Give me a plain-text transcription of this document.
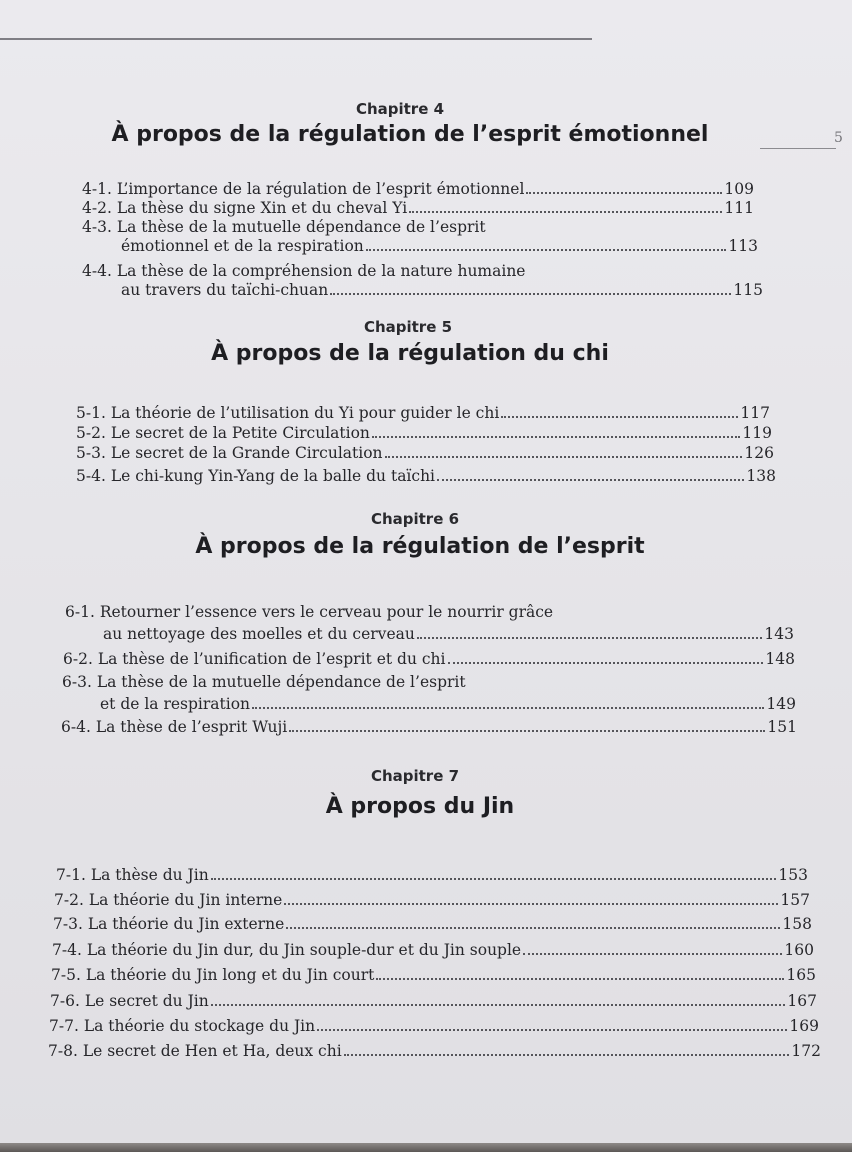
5
Chapitre 4
À propos de la régulation de l’esprit émotionnel
4-1. L’importance de la régulation de l’esprit émotionnel	109
4-2. La thèse du signe Xin et du cheval Yi	111
4-3. La thèse de la mutuelle dépendance de l’esprit
émotionnel et de la respiration	113
4-4. La thèse de la compréhension de la nature humaine
au travers du taïchi-chuan	115
Chapitre 5
À propos de la régulation du chi
5-1. La théorie de l’utilisation du Yi pour guider le chi	117
5-2. Le secret de la Petite Circulation	119
5-3. Le secret de la Grande Circulation	126
5-4. Le chi-kung Yin-Yang de la balle du taïchi	138
Chapitre 6
À propos de la régulation de l’esprit
6-1. Retourner l’essence vers le cerveau pour le nourrir grâce
au nettoyage des moelles et du cerveau	143
6-2. La thèse de l’unification de l’esprit et du chi	148
6-3. La thèse de la mutuelle dépendance de l’esprit
et de la respiration	149
6-4. La thèse de l’esprit Wuji	151
Chapitre 7
À propos du Jin
7-1. La thèse du Jin	153
7-2. La théorie du Jin interne	157
7-3. La théorie du Jin externe	158
7-4. La théorie du Jin dur, du Jin souple-dur et du Jin souple	160
7-5. La théorie du Jin long et du Jin court	165
7-6. Le secret du Jin	167
7-7. La théorie du stockage du Jin	169
7-8. Le secret de Hen et Ha, deux chi	172
